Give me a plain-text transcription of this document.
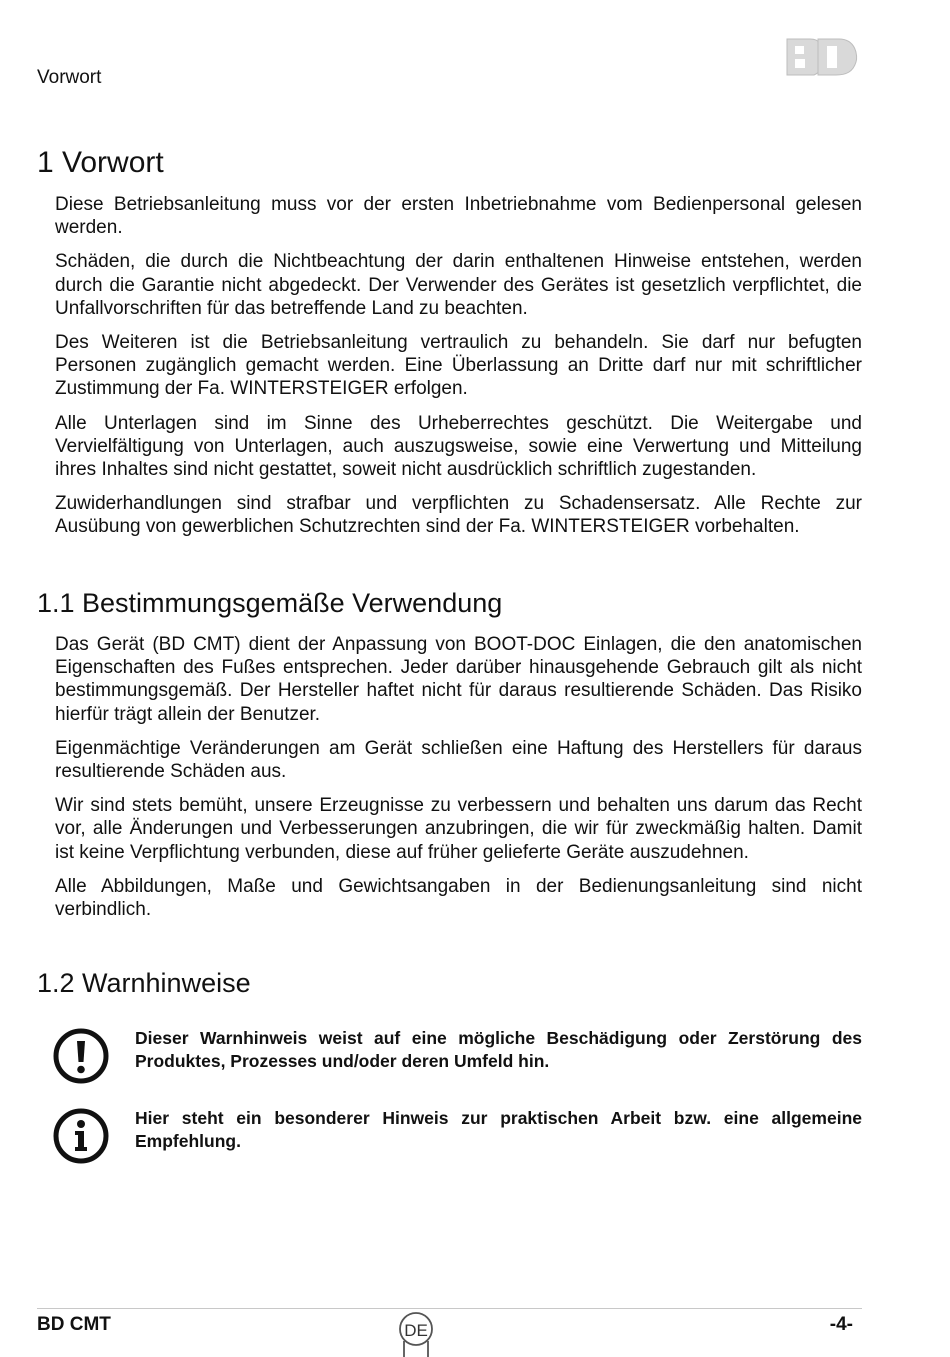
Vorwort
1 Vorwort

Diese Betriebsanleitung muss vor der ersten Inbetriebnahme vom Bedienpersonal gelesen werden.

Schäden, die durch die Nichtbeachtung der darin enthaltenen Hinweise entstehen, werden durch die Garantie nicht abgedeckt. Der Verwender des Gerätes ist gesetzlich verpflichtet, die Unfallvorschriften für das betreffende Land zu beachten.

Des Weiteren ist die Betriebsanleitung vertraulich zu behandeln. Sie darf nur befugten Personen zugänglich gemacht werden. Eine Überlassung an Dritte darf nur mit schriftlicher Zustimmung der Fa. WINTERSTEIGER erfolgen.

Alle Unterlagen sind im Sinne des Urheberrechtes geschützt. Die Weitergabe und Vervielfältigung von Unterlagen, auch auszugsweise, sowie eine Verwertung und Mitteilung ihres Inhaltes sind nicht gestattet, soweit nicht ausdrücklich schriftlich zugestanden.

Zuwiderhandlungen sind strafbar und verpflichten zu Schadensersatz. Alle Rechte zur Ausübung von gewerblichen Schutzrechten sind der Fa. WINTERSTEIGER vorbehalten.

1.1 Bestimmungsgemäße Verwendung

Das Gerät (BD CMT) dient der Anpassung von BOOT-DOC Einlagen, die den anatomischen Eigenschaften des Fußes entsprechen. Jeder darüber hinausgehende Gebrauch gilt als nicht bestimmungsgemäß. Der Hersteller haftet nicht für daraus resultierende Schäden. Das Risiko hierfür trägt allein der Benutzer.

Eigenmächtige Veränderungen am Gerät schließen eine Haftung des Herstellers für daraus resultierende Schäden aus.

Wir sind stets bemüht, unsere Erzeugnisse zu verbessern und behalten uns darum das Recht vor, alle Änderungen und Verbesserungen anzubringen, die wir für zweckmäßig halten. Damit ist keine Verpflichtung verbunden, diese auf früher gelieferte Geräte auszudehnen.

Alle Abbildungen, Maße und Gewichtsangaben in der Bedienungsanleitung sind nicht verbindlich.

1.2 Warnhinweise
Dieser Warnhinweis weist auf eine mögliche Beschädigung oder Zerstörung des Produktes, Prozesses und/oder deren Umfeld hin.
Hier steht ein besonderer Hinweis zur praktischen Arbeit bzw. eine allgemeine Empfehlung.
BD CMT	DE	-4-
